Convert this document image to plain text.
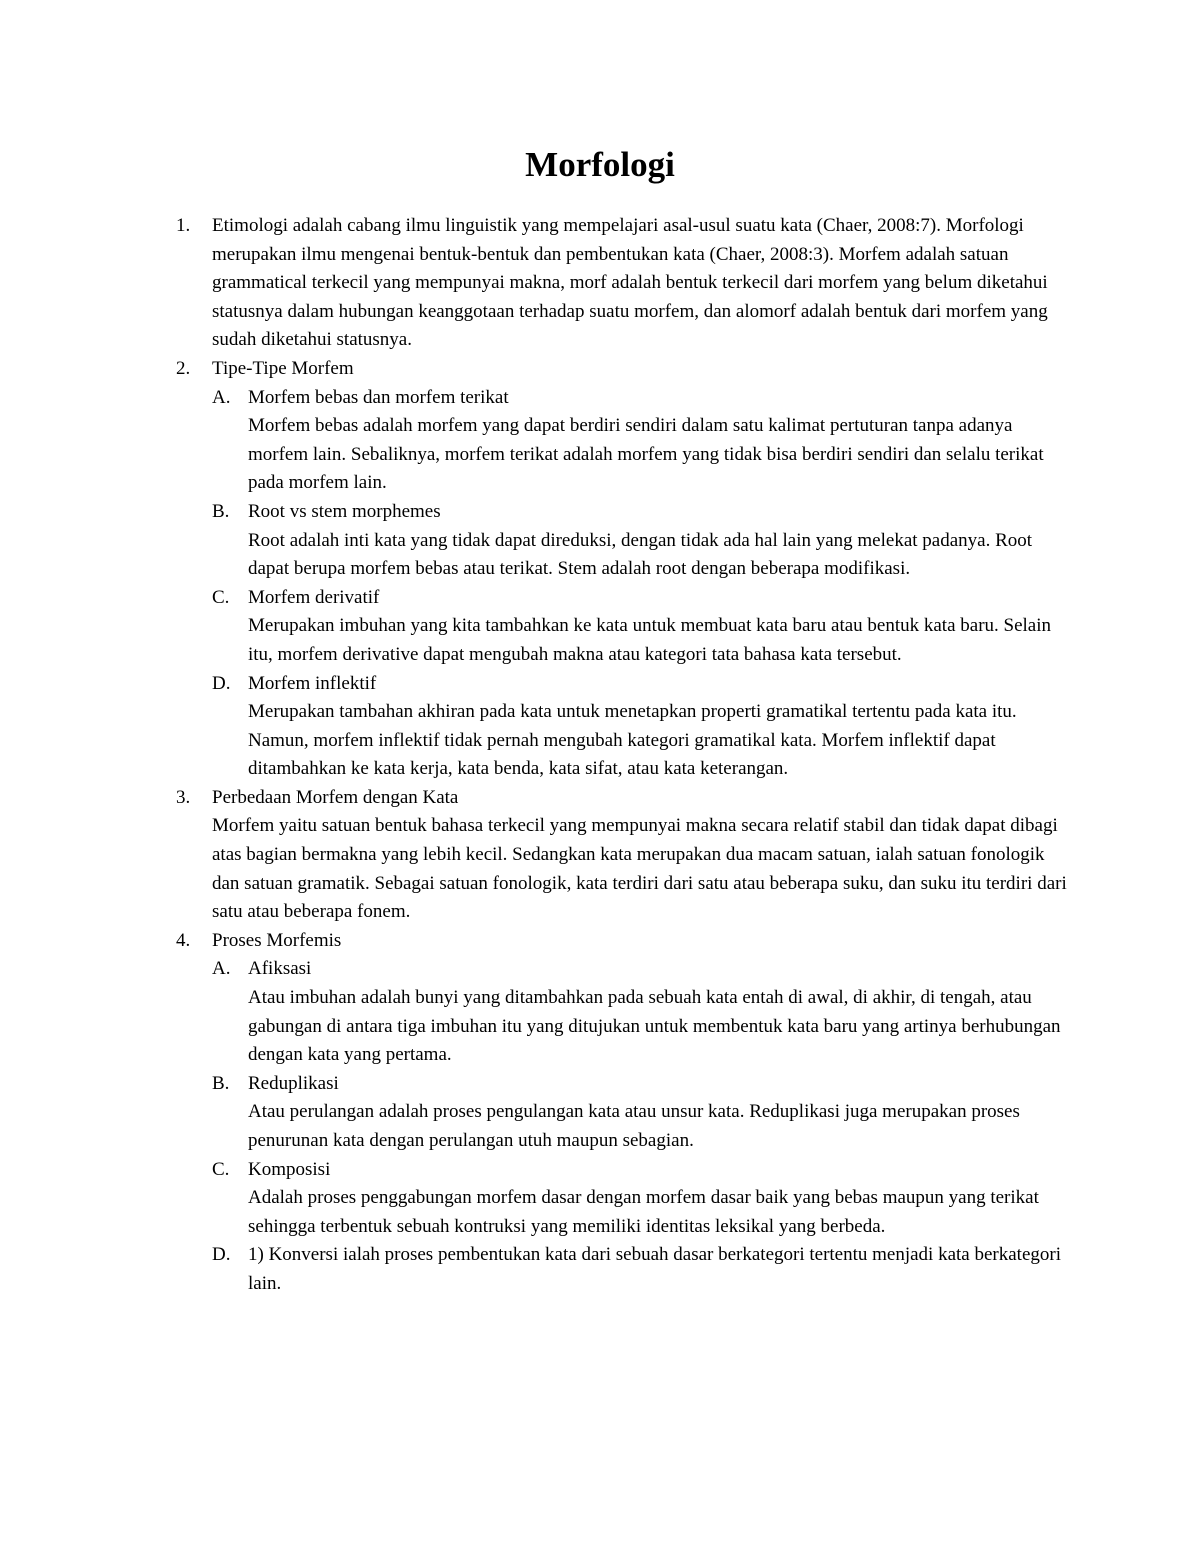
Morfologi
1. Etimologi adalah cabang ilmu linguistik yang mempelajari asal-usul suatu kata (Chaer, 2008:7). Morfologi merupakan ilmu mengenai bentuk-bentuk dan pembentukan kata (Chaer, 2008:3). Morfem adalah satuan grammatical terkecil yang mempunyai makna, morf adalah bentuk terkecil dari morfem yang belum diketahui statusnya dalam hubungan keanggotaan terhadap suatu morfem, dan alomorf adalah bentuk dari morfem yang sudah diketahui statusnya.

2. Tipe-Tipe Morfem

A. Morfem bebas dan morfem terikat

Morfem bebas adalah morfem yang dapat berdiri sendiri dalam satu kalimat pertuturan tanpa adanya morfem lain. Sebaliknya, morfem terikat adalah morfem yang tidak bisa berdiri sendiri dan selalu terikat pada morfem lain.

B. Root vs stem morphemes

Root adalah inti kata yang tidak dapat direduksi, dengan tidak ada hal lain yang melekat padanya. Root dapat berupa morfem bebas atau terikat. Stem adalah root dengan beberapa modifikasi.

C. Morfem derivatif

Merupakan imbuhan yang kita tambahkan ke kata untuk membuat kata baru atau bentuk kata baru. Selain itu, morfem derivative dapat mengubah makna atau kategori tata bahasa kata tersebut.

D. Morfem inflektif

Merupakan tambahan akhiran pada kata untuk menetapkan properti gramatikal tertentu pada kata itu. Namun, morfem inflektif tidak pernah mengubah kategori gramatikal kata. Morfem inflektif dapat ditambahkan ke kata kerja, kata benda, kata sifat, atau kata keterangan.

3. Perbedaan Morfem dengan Kata

Morfem yaitu satuan bentuk bahasa terkecil yang mempunyai makna secara relatif stabil dan tidak dapat dibagi atas bagian bermakna yang lebih kecil. Sedangkan kata merupakan dua macam satuan, ialah satuan fonologik dan satuan gramatik. Sebagai satuan fonologik, kata terdiri dari satu atau beberapa suku, dan suku itu terdiri dari satu atau beberapa fonem.

4. Proses Morfemis

A. Afiksasi

Atau imbuhan adalah bunyi yang ditambahkan pada sebuah kata entah di awal, di akhir, di tengah, atau gabungan di antara tiga imbuhan itu yang ditujukan untuk membentuk kata baru yang artinya berhubungan dengan kata yang pertama.

B. Reduplikasi

Atau perulangan adalah proses pengulangan kata atau unsur kata. Reduplikasi juga merupakan proses penurunan kata dengan perulangan utuh maupun sebagian.

C. Komposisi

Adalah proses penggabungan morfem dasar dengan morfem dasar baik yang bebas maupun yang terikat sehingga terbentuk sebuah kontruksi yang memiliki identitas leksikal yang berbeda.

D. 1) Konversi ialah proses pembentukan kata dari sebuah dasar berkategori tertentu menjadi kata berkategori lain.
